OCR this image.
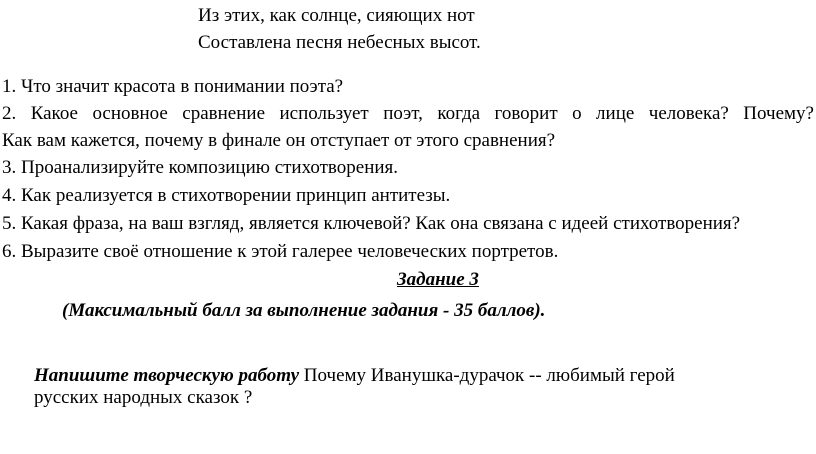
Из этих, как солнце, сияющих нот
Составлена песня небесных высот.
1. Что значит красота в понимании поэта?
2. Какое основное сравнение использует поэт, когда говорит о лице человека? Почему?
Как вам кажется, почему в финале он отступает от этого сравнения?
3. Проанализируйте композицию стихотворения.
4. Как реализуется в стихотворении принцип антитезы.
5. Какая фраза, на ваш взгляд, является ключевой? Как она связана с идеей стихотворения?
6. Выразите своё отношение к этой галерее человеческих портретов.
Задание 3
(Максимальный балл за выполнение задания - 35 баллов).
Напишите творческую работу Почему Иванушка-дурачок -- любимый герой
русских народных сказок ?
